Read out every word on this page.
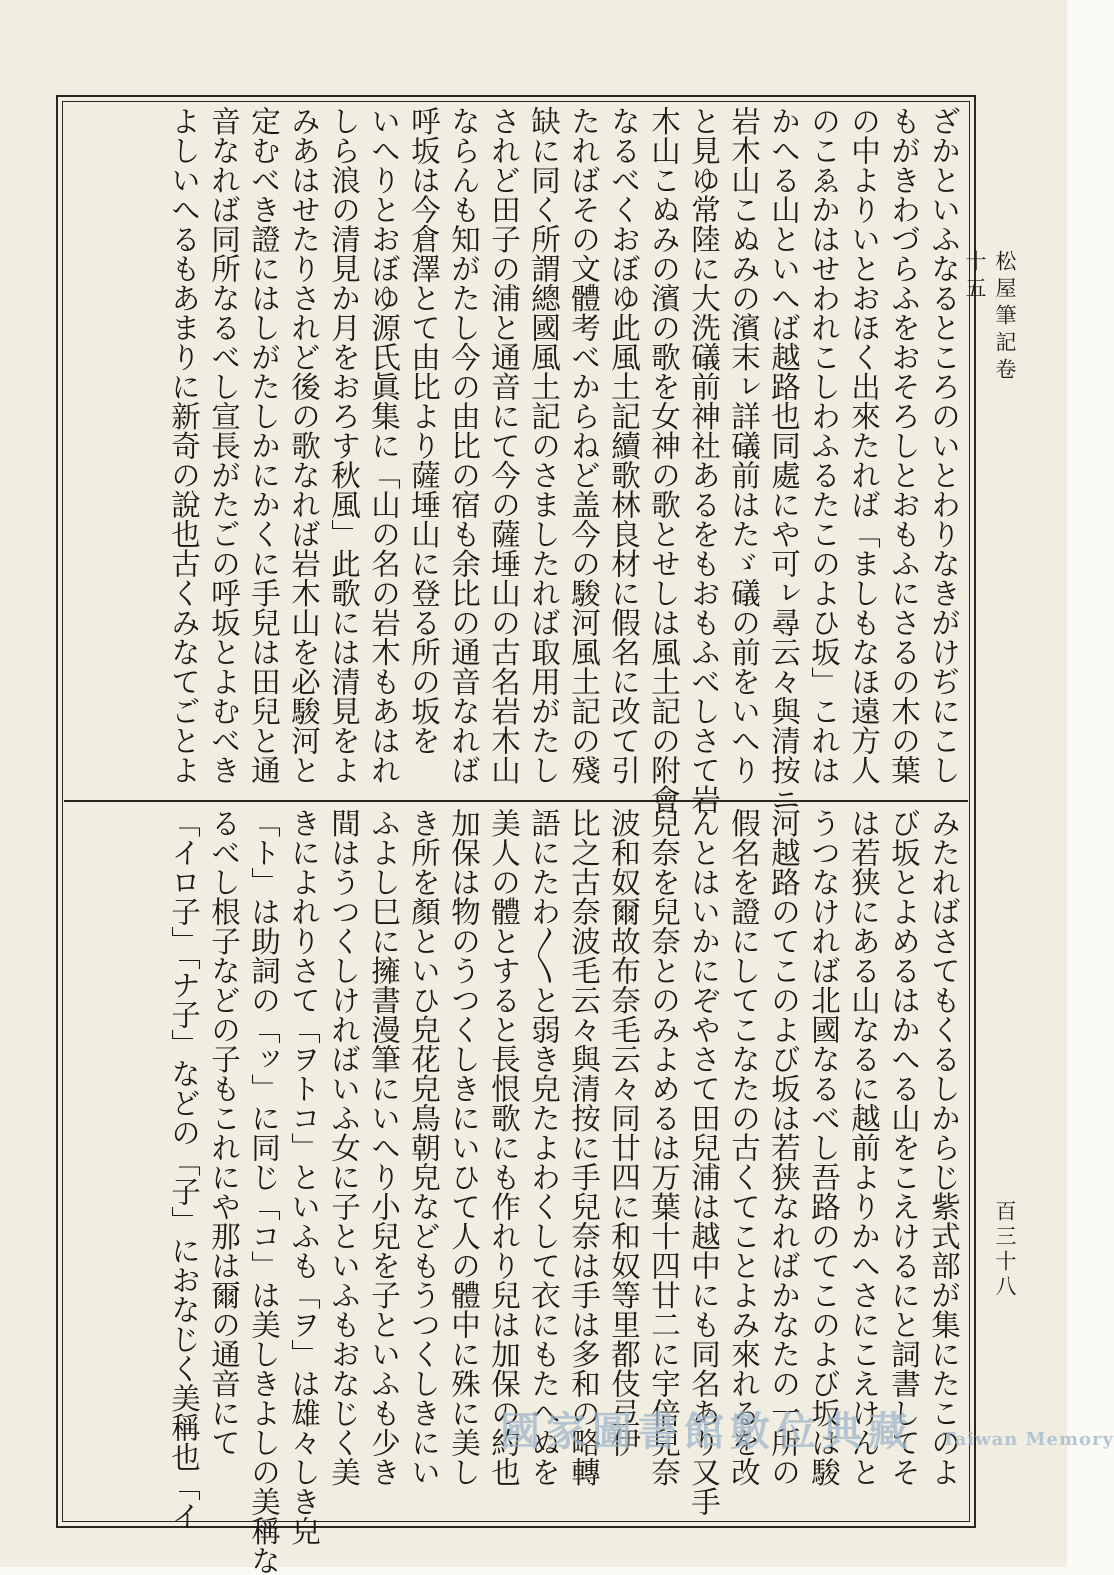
松屋筆記卷十五
百三十八
ざかといふなるところのいとわりなきがけぢにこし
もがきわづらふをおそろしとおもふにさるの木の葉
の中よりいとおほく出來たれば「ましもなほ遠方人
のこゑかはせわれこしわふるたこのよひ坂」これは
かへる山といへば越路也同處にや可ㇾ尋云々與清按ニ
岩木山こぬみの濱末ㇾ詳礒前はたゞ礒の前をいへり
と見ゆ常陸に大洗礒前神社あるをもおもふべしさて岩
木山こぬみの濱の歌を女神の歌とせしは風土記の附會
なるべくおぼゆ此風土記續歌林良材に假名に改て引
たればその文體考べからねど盖今の駿河風土記の殘
缺に同く所謂總國風土記のさましたれば取用がたし
されど田子の浦と通音にて今の薩埵山の古名岩木山
ならんも知がたし今の由比の宿も余比の通音なれば
呼坂は今倉澤とて由比より薩埵山に登る所の坂を
いへりとおぼゆ源氏眞集に「山の名の岩木もあはれ
しら浪の清見か月をおろす秋風」此歌には清見をよ
みあはせたりされど後の歌なれば岩木山を必駿河と
定むべき證にはしがたしかにかくに手兒は田兒と通
音なれば同所なるべし宣長がたごの呼坂とよむべき
よしいへるもあまりに新奇の說也古くみなてごとよ
みたればさてもくるしからじ紫式部が集にたこのよ
び坂とよめるはかへる山をこえけるにと詞書してそ
は若狭にある山なるに越前よりかへさにこえけんと
うつなければ北國なるべし吾路のてこのよび坂は駿
河越路のてこのよび坂は若狭なればかなたの一所の
假名を證にしてこなたの古くてことよみ來れるを改
んとはいかにぞやさて田兒浦は越中にも同名あり又手
兒奈を兒奈とのみよめるは万葉十四廿二に宇倍兒奈
波和奴爾故布奈毛云々同廿四に和奴等里都伎弖伊
比之古奈波毛云々與清按に手兒奈は手は多和の略轉
語にたわ〳〵と弱き皃たよわくして衣にもたへぬを
美人の體とすると長恨歌にも作れり兒は加保の約也
加保は物のうつくしきにいひて人の體中に殊に美し
き所を顏といひ皃花皃鳥朝皃などもうつくしきにい
ふよし巳に擁書漫筆にいへり小兒を子といふも少き
間はうつくしければいふ女に子といふもおなじく美
きによれりさて「ヲトコ」といふも「ヲ」は雄々しき皃
「ト」は助詞の「ッ」に同じ「コ」は美しきよしの美稱な
るべし根子などの子もこれにや那は爾の通音にて
「イロ子」「ナ子」などの「子」におなじく美稱也「イ	國家圖書館數位典藏 Taiwan Memory
